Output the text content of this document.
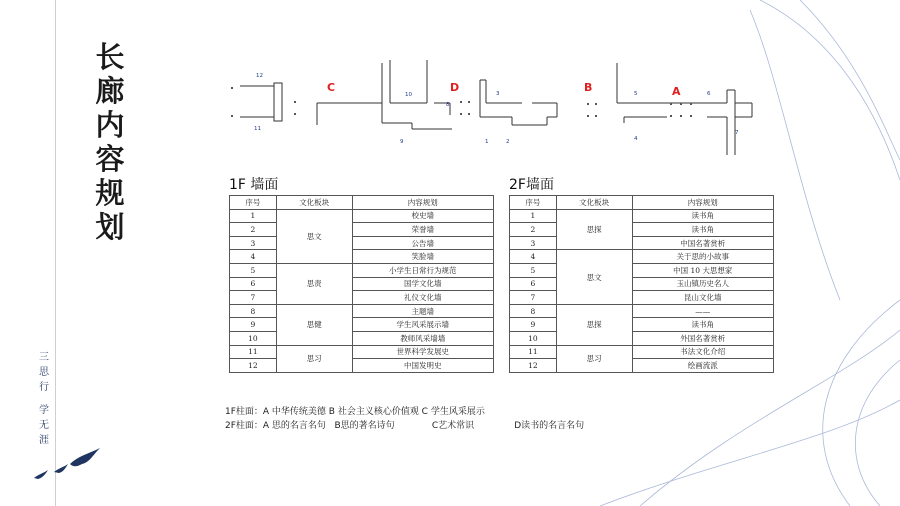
长
廊
内
容
规
划
三
思
行
学
无
涯
C	D	B	A
12
11
10
8
9
3
1	2
5
4
6
7
1F 墙面	2F墙面
序号	文化板块	内容规划
1	思文	校史墙
2		荣誉墙
3		公告墙
4		笑脸墙
5	思责	小学生日常行为规范
6		国学文化墙
7		礼仪文化墙
8	思健	主题墙
9		学生风采展示墙
10		教师风采墙墙
11	思习	世界科学发展史
12		中国发明史
序号	文化板块	内容规划
1	思探	读书角
2		读书角
3		中国名著赏析
4	思文	关于思的小故事
5		中国 10 大思想家
6		玉山镇历史名人
7		昆山文化墙
8	思探	——
9		读书角
10		外国名著赏析
11	思习	书法文化介绍
12		绘画流派
1F柱面：A 中华传统美德 B 社会主义核心价值观 C 学生风采展示
2F柱面：A 思的名言名句   B思的著名诗句             C艺术常识              D读书的名言名句
